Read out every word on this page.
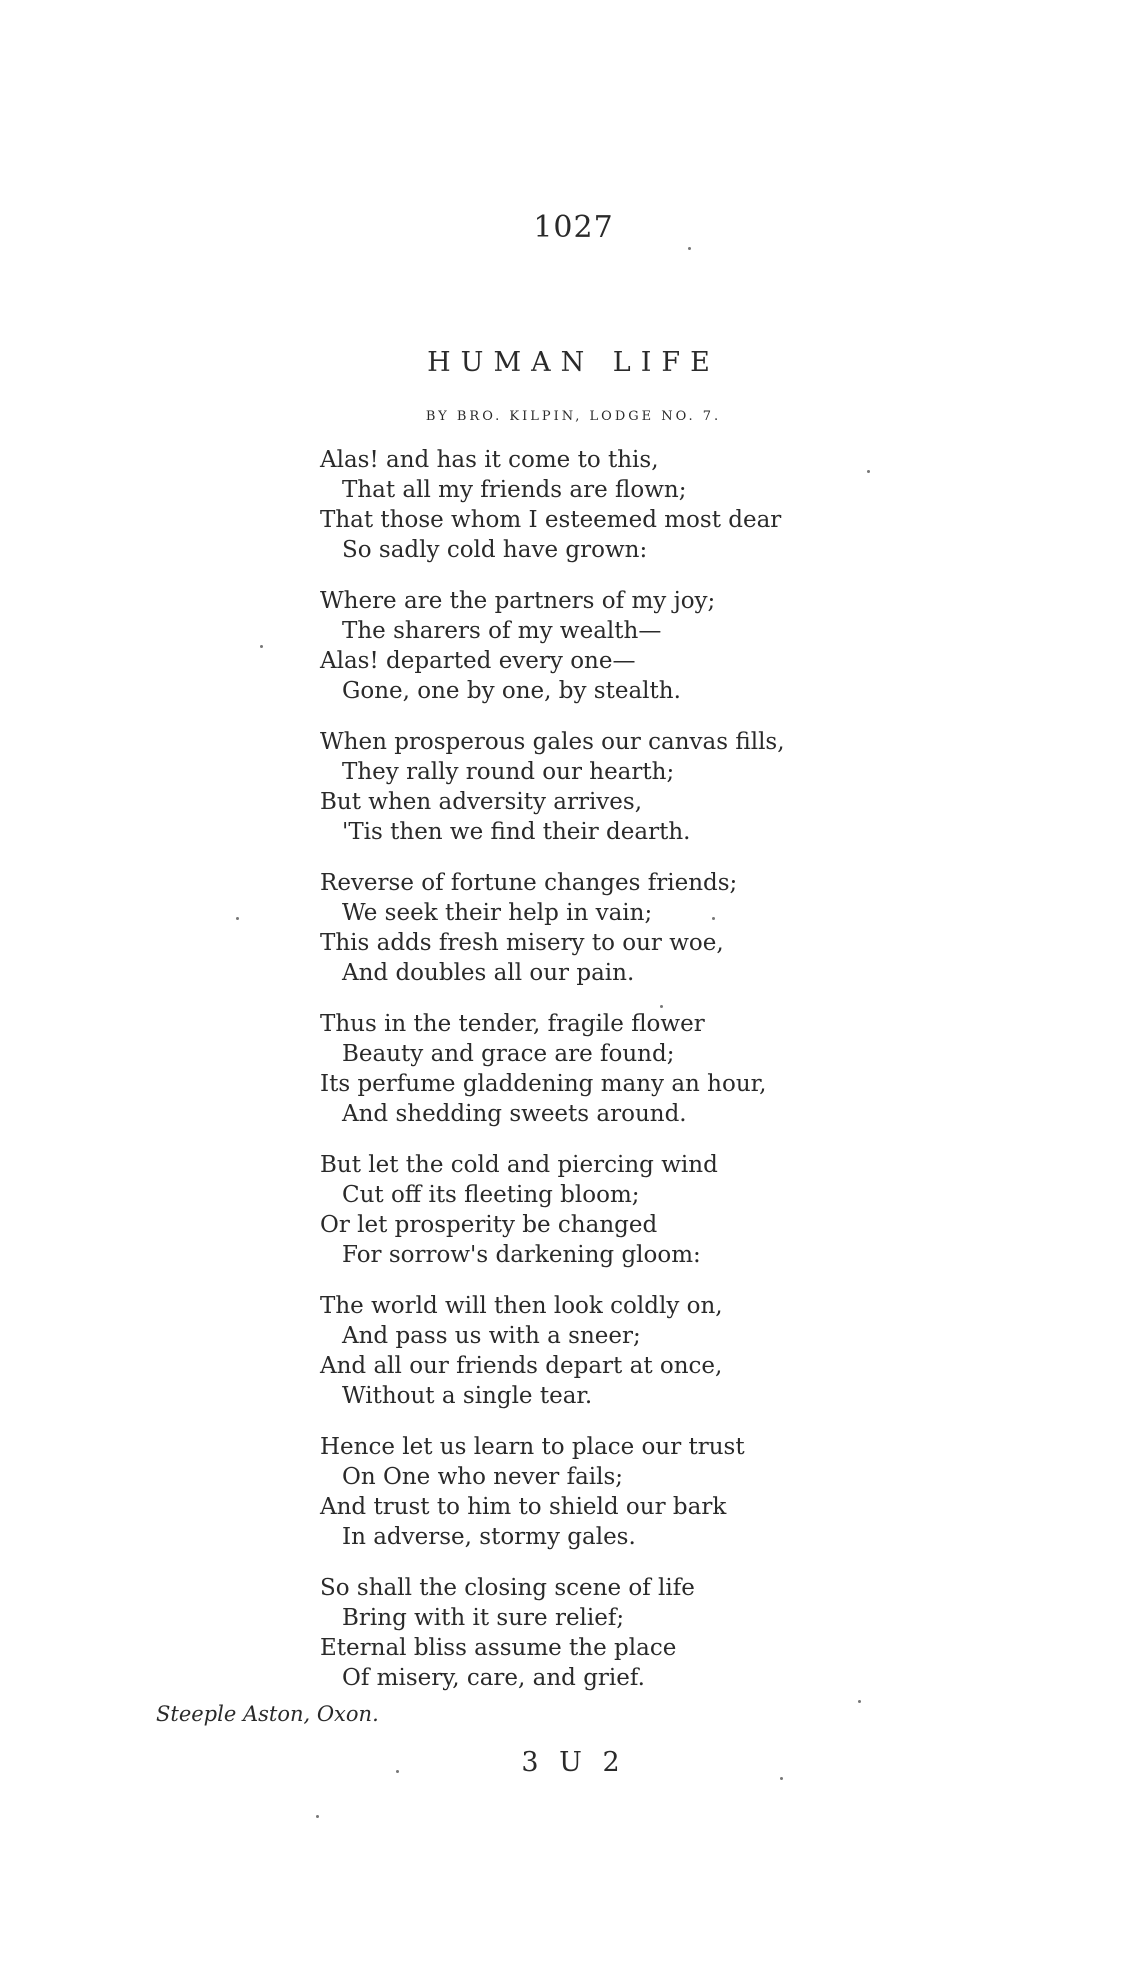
1027
HUMAN LIFE
BY BRO. KILPIN, LODGE NO. 7.
Alas! and has it come to this,
That all my friends are flown;
That those whom I esteemed most dear
So sadly cold have grown:
Where are the partners of my joy;
The sharers of my wealth—
Alas! departed every one—
Gone, one by one, by stealth.
When prosperous gales our canvas fills,
They rally round our hearth;
But when adversity arrives,
'Tis then we find their dearth.
Reverse of fortune changes friends;
We seek their help in vain;
This adds fresh misery to our woe,
And doubles all our pain.
Thus in the tender, fragile flower
Beauty and grace are found;
Its perfume gladdening many an hour,
And shedding sweets around.
But let the cold and piercing wind
Cut off its fleeting bloom;
Or let prosperity be changed
For sorrow's darkening gloom:
The world will then look coldly on,
And pass us with a sneer;
And all our friends depart at once,
Without a single tear.
Hence let us learn to place our trust
On One who never fails;
And trust to him to shield our bark
In adverse, stormy gales.
So shall the closing scene of life
Bring with it sure relief;
Eternal bliss assume the place
Of misery, care, and grief.
Steeple Aston, Oxon.
3 U 2
